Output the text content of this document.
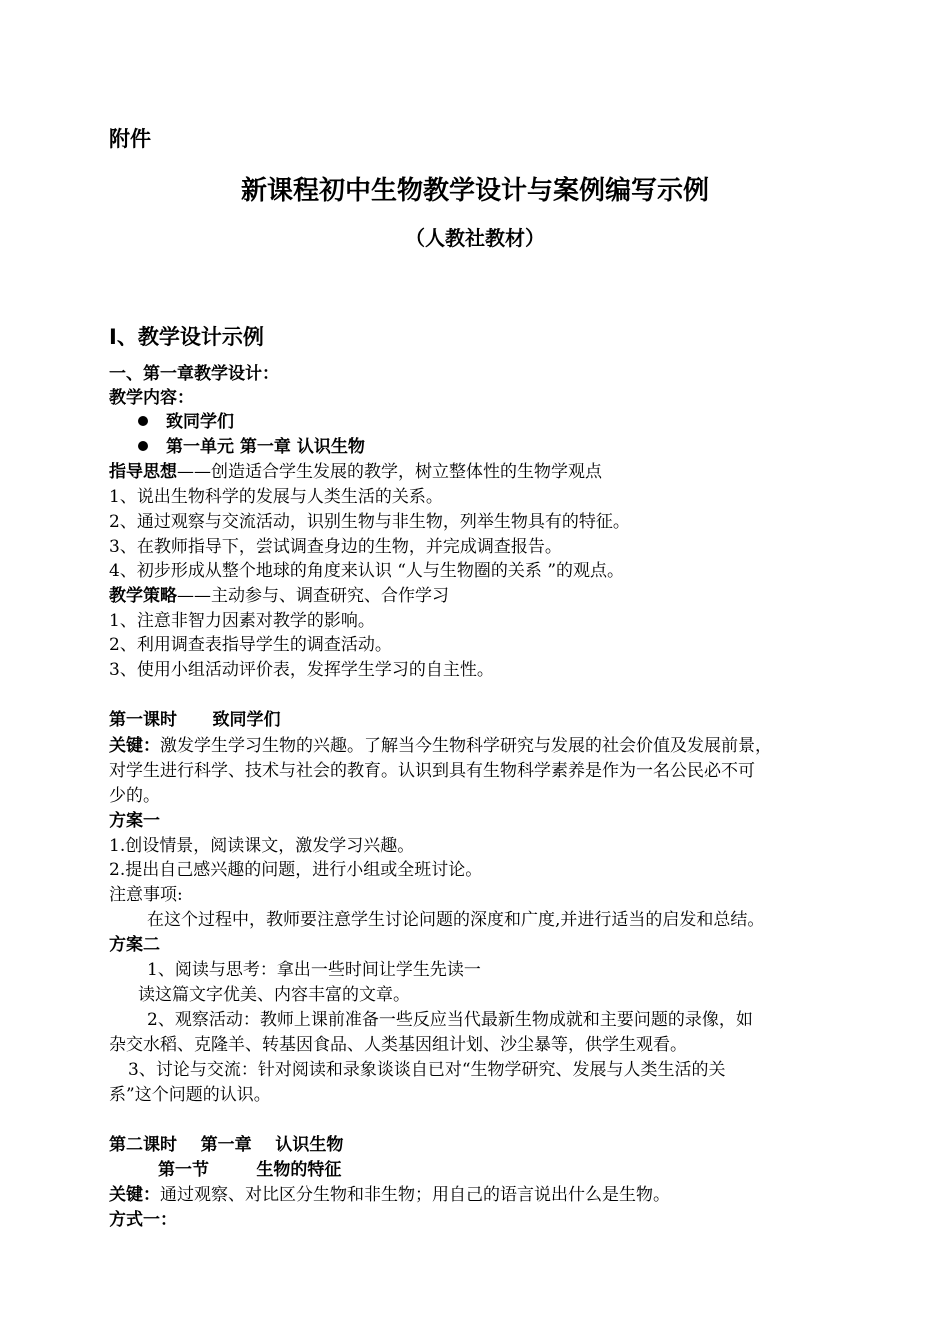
附件

新课程初中生物教学设计与案例编写示例

（人教社教材）

I、教学设计示例

一、第一章教学设计：

教学内容：

致同学们

第一单元 第一章 认识生物

指导思想——创造适合学生发展的教学，树立整体性的生物学观点

1、说出生物科学的发展与人类生活的关系。

2、通过观察与交流活动，识别生物与非生物，列举生物具有的特征。

3、在教师指导下，尝试调查身边的生物，并完成调查报告。

4、初步形成从整个地球的角度来认识 “人与生物圈的关系 ”的观点。

教学策略——主动参与、调查研究、合作学习

1、注意非智力因素对教学的影响。

2、利用调查表指导学生的调查活动。

3、使用小组活动评价表，发挥学生学习的自主性。

第一课时      致同学们

关键：激发学生学习生物的兴趣。了解当今生物科学研究与发展的社会价值及发展前景，

对学生进行科学、技术与社会的教育。认识到具有生物科学素养是作为一名公民必不可

少的。

方案一

1.创设情景，阅读课文，激发学习兴趣。

2.提出自己感兴趣的问题，进行小组或全班讨论。

注意事项:

在这个过程中，教师要注意学生讨论问题的深度和广度,并进行适当的启发和总结。

方案二

1、阅读与思考：拿出一些时间让学生先读一

读这篇文字优美、内容丰富的文章。

2、观察活动：教师上课前准备一些反应当代最新生物成就和主要问题的录像，如

杂交水稻、克隆羊、转基因食品、人类基因组计划、沙尘暴等，供学生观看。

3、讨论与交流：针对阅读和录象谈谈自已对“生物学研究、发展与人类生活的关

系”这个问题的认识。

第二课时    第一章    认识生物

第一节        生物的特征

关键：通过观察、对比区分生物和非生物；用自己的语言说出什么是生物。

方式一：
